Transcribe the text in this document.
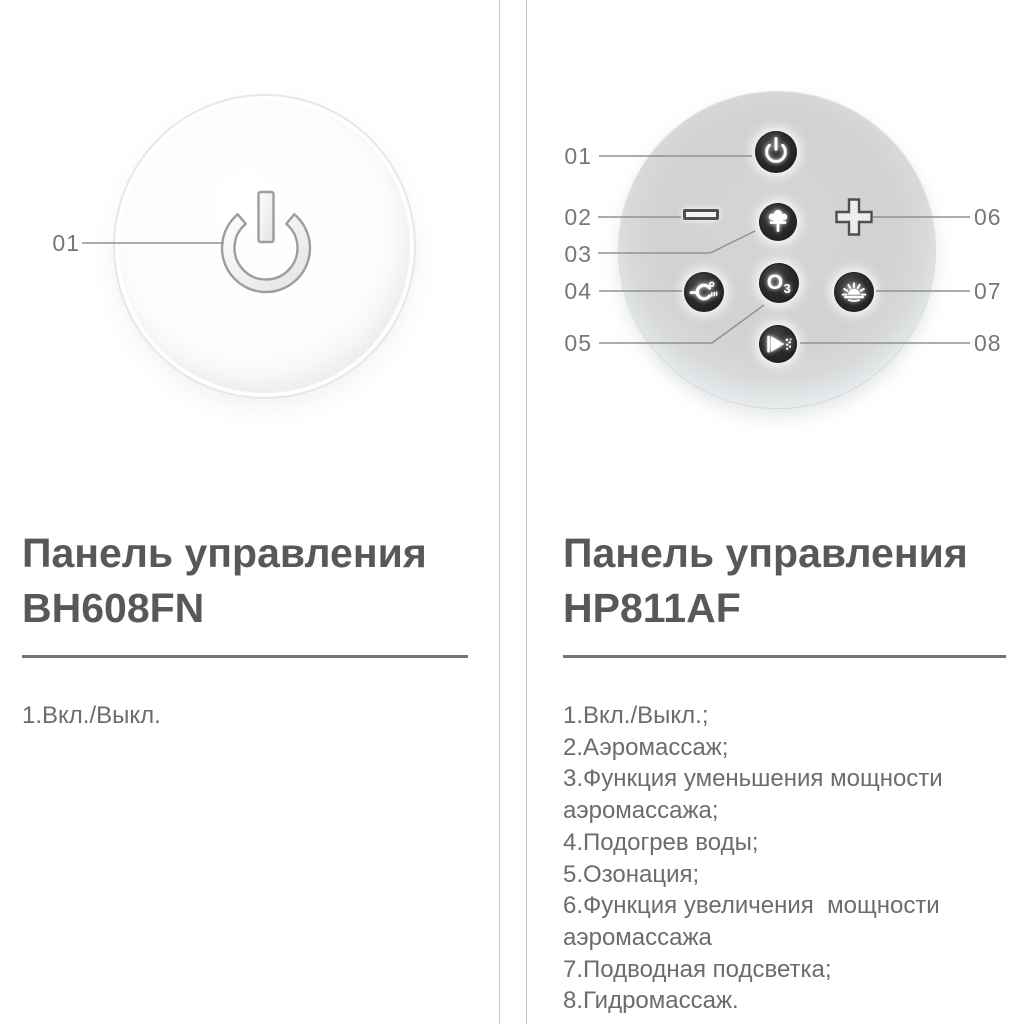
01
$O_3$
01
02
03
04
05
06
07
08
Панель управления
BH608FN
1.Вкл./Выкл.
Панель управления
HP811AF
1.Вкл./Выкл.;
2.Аэромассаж;
3.Функция уменьшения мощности аэромассажа;
4.Подогрев воды;
5.Озонация;
6.Функция увеличения  мощности аэромассажа
7.Подводная подсветка;
8.Гидромассаж.
